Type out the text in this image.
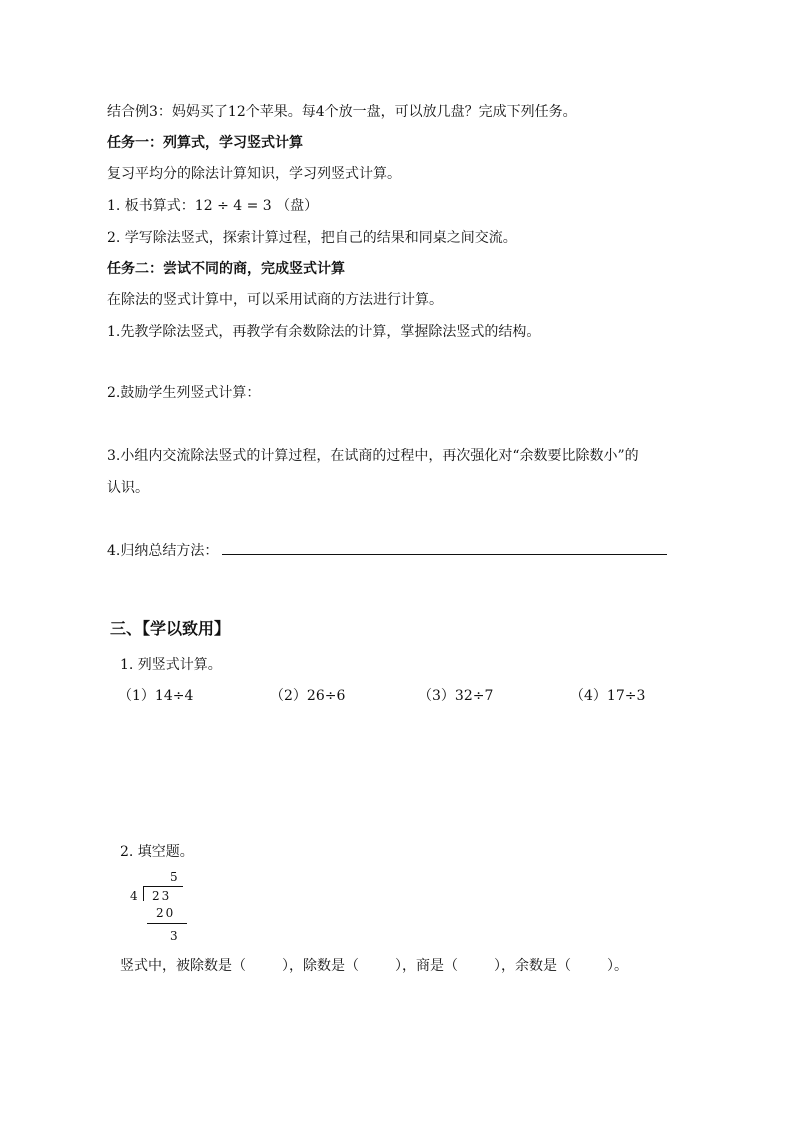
结合例3：妈妈买了12个苹果。每4个放一盘，可以放几盘？完成下列任务。
任务一：列算式，学习竖式计算
复习平均分的除法计算知识，学习列竖式计算。
1. 板书算式：12 ÷ 4 = 3 （盘）
2. 学写除法竖式，探索计算过程，把自己的结果和同桌之间交流。
任务二：尝试不同的商，完成竖式计算
在除法的竖式计算中，可以采用试商的方法进行计算。
1.先教学除法竖式，再教学有余数除法的计算，掌握除法竖式的结构。
2.鼓励学生列竖式计算：
3.小组内交流除法竖式的计算过程，在试商的过程中，再次强化对“余数要比除数小”的
认识。
4.归纳总结方法：
三、【学以致用】
1. 列竖式计算。
（1）14÷4	（2）26÷6	（3）32÷7	（4）17÷3
2. 填空题。
5
4 23
20
3
竖式中，被除数是（	），除数是（	），商是（	），余数是（	）。
